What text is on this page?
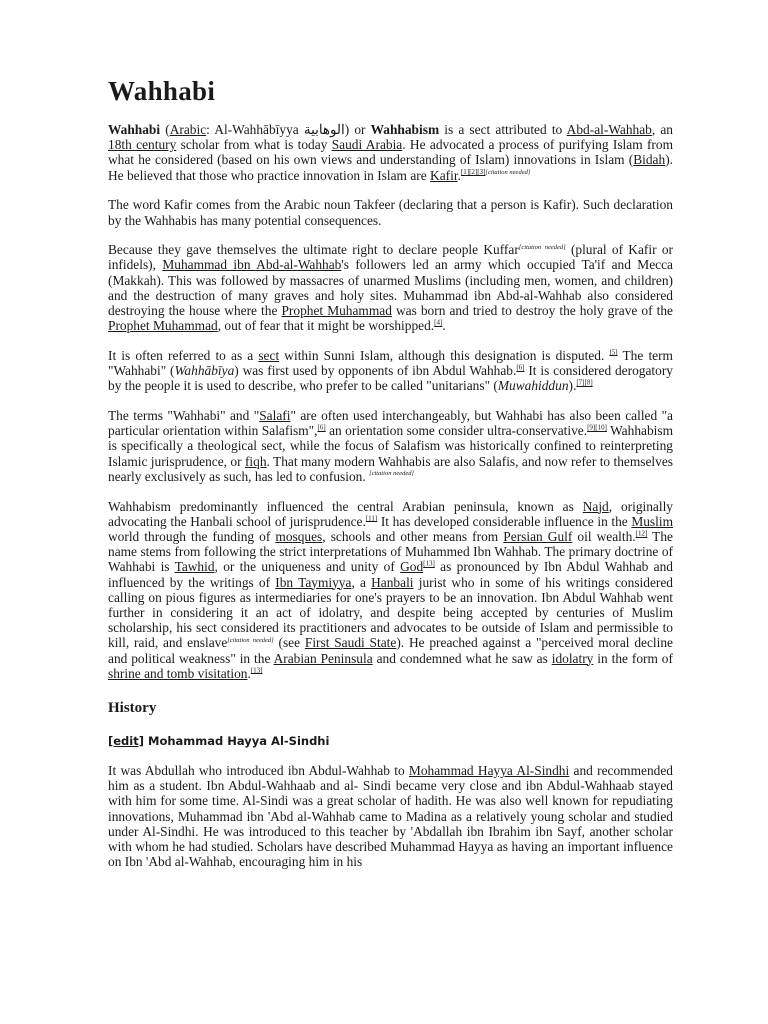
Wahhabi

Wahhabi (Arabic: Al-Wahhābīyya الوهابية) or Wahhabism is a sect attributed to Abd-al-Wahhab, an 18th century scholar from what is today Saudi Arabia. He advocated a process of purifying Islam from what he considered (based on his own views and understanding of Islam) innovations in Islam (Bidah). He believed that those who practice innovation in Islam are Kafir.[1][2][3][citation needed]

The word Kafir comes from the Arabic noun Takfeer (declaring that a person is Kafir). Such declaration by the Wahhabis has many potential consequences.

Because they gave themselves the ultimate right to declare people Kuffar[citation needed] (plural of Kafir or infidels), Muhammad ibn Abd-al-Wahhab's followers led an army which occupied Ta'if and Mecca (Makkah). This was followed by massacres of unarmed Muslims (including men, women, and children) and the destruction of many graves and holy sites. Muhammad ibn Abd-al-Wahhab also considered destroying the house where the Prophet Muhammad was born and tried to destroy the holy grave of the Prophet Muhammad, out of fear that it might be worshipped.[4].

It is often referred to as a sect within Sunni Islam, although this designation is disputed. [5] The term "Wahhabi" (Wahhābīya) was first used by opponents of ibn Abdul Wahhab.[6] It is considered derogatory by the people it is used to describe, who prefer to be called "unitarians" (Muwahiddun).[7][8]

The terms "Wahhabi" and "Salafi" are often used interchangeably, but Wahhabi has also been called "a particular orientation within Salafism",[6] an orientation some consider ultra-conservative.[9][10] Wahhabism is specifically a theological sect, while the focus of Salafism was historically confined to reinterpreting Islamic jurisprudence, or fiqh. That many modern Wahhabis are also Salafis, and now refer to themselves nearly exclusively as such, has led to confusion. [citation needed]

Wahhabism predominantly influenced the central Arabian peninsula, known as Najd, originally advocating the Hanbali school of jurisprudence.[11] It has developed considerable influence in the Muslim world through the funding of mosques, schools and other means from Persian Gulf oil wealth.[12] The name stems from following the strict interpretations of Muhammed Ibn Wahhab. The primary doctrine of Wahhabi is Tawhid, or the uniqueness and unity of God[13] as pronounced by Ibn Abdul Wahhab and influenced by the writings of Ibn Taymiyya, a Hanbali jurist who in some of his writings considered calling on pious figures as intermediaries for one's prayers to be an innovation. Ibn Abdul Wahhab went further in considering it an act of idolatry, and despite being accepted by centuries of Muslim scholarship, his sect considered its practitioners and advocates to be outside of Islam and permissible to kill, raid, and enslave[citation needed] (see First Saudi State). He preached against a "perceived moral decline and political weakness" in the Arabian Peninsula and condemned what he saw as idolatry in the form of shrine and tomb visitation.[13]

History
[edit] Mohammad Hayya Al-Sindhi

It was Abdullah who introduced ibn Abdul-Wahhab to Mohammad Hayya Al-Sindhi and recommended him as a student. Ibn Abdul-Wahhaab and al- Sindi became very close and ibn Abdul-Wahhaab stayed with him for some time. Al-Sindi was a great scholar of hadith. He was also well known for repudiating innovations, Muhammad ibn 'Abd al-Wahhab came to Madina as a relatively young scholar and studied under Al-Sindhi. He was introduced to this teacher by 'Abdallah ibn Ibrahim ibn Sayf, another scholar with whom he had studied. Scholars have described Muhammad Hayya as having an important influence on Ibn 'Abd al-Wahhab, encouraging him in his
